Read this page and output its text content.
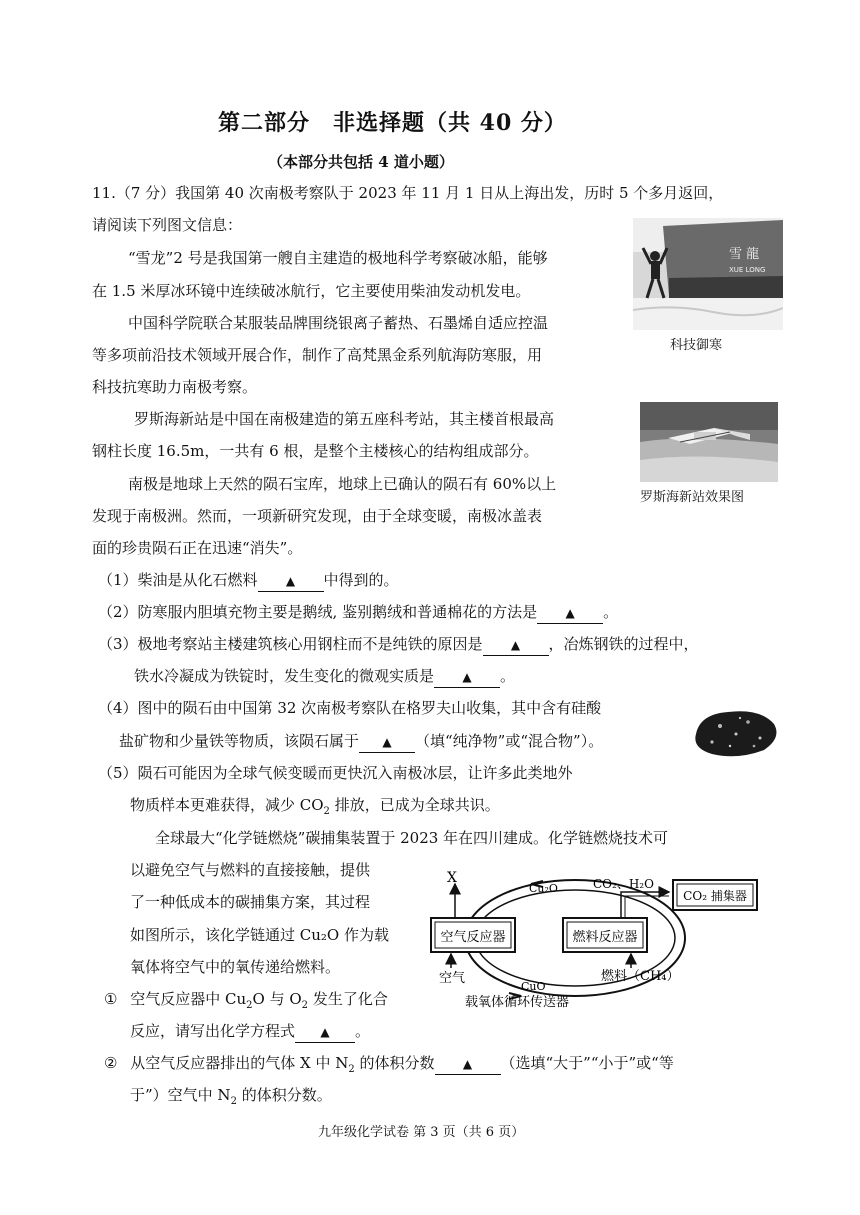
第二部分　非选择题（共 40 分）
（本部分共包括 4 道小题）
11.（7 分）我国第 40 次南极考察队于 2023 年 11 月 1 日从上海出发，历时 5 个多月返回，
请阅读下列图文信息：
“雪龙”2 号是我国第一艘自主建造的极地科学考察破冰船，能够
在 1.5 米厚冰环镜中连续破冰航行，它主要使用柴油发动机发电。
中国科学院联合某服装品牌围绕银离子蓄热、石墨烯自适应控温
等多项前沿技术领域开展合作，制作了高梵黑金系列航海防寒服，用
科技抗寒助力南极考察。
罗斯海新站是中国在南极建造的第五座科考站，其主楼首根最高
钢柱长度 16.5m，一共有 6 根，是整个主楼核心的结构组成部分。
南极是地球上天然的陨石宝库，地球上已确认的陨石有 60%以上
发现于南极洲。然而，一项新研究发现，由于全球变暖，南极冰盖表
面的珍贵陨石正在迅速“消失”。
雪 龍
XUE LONG
科技御寒
罗斯海新站效果图
（1）柴油是从化石燃料 ▲ 中得到的。
（2）防寒服内胆填充物主要是鹅绒, 鉴别鹅绒和普通棉花的方法是 ▲ 。
（3）极地考察站主楼建筑核心用钢柱而不是纯铁的原因是 ▲ ，冶炼钢铁的过程中，
铁水冷凝成为铁锭时，发生变化的微观实质是 ▲ 。
（4）图中的陨石由中国第 32 次南极考察队在格罗夫山收集，其中含有硅酸
盐矿物和少量铁等物质，该陨石属于 ▲ （填“纯净物”或“混合物”）。
（5）陨石可能因为全球气候变暖而更快沉入南极冰层，让许多此类地外
物质样本更难获得，减少 $CO_2$ 排放，已成为全球共识。
全球最大“化学链燃烧”碳捕集装置于 2023 年在四川建成。化学链燃烧技术可
以避免空气与燃料的直接接触，提供
了一种低成本的碳捕集方案，其过程
如图所示，该化学链通过 Cu₂O 作为载
氧体将空气中的氧传递给燃料。
空气反应器	燃料反应器
X
Cu₂O	CO₂、H₂O
CO₂ 捕集器
空气
CuO
燃料（CH₄）
载氧体循环传送器
① 空气反应器中 $Cu_2O$ 与 $O_2$ 发生了化合
反应，请写出化学方程式 ▲ 。
② 从空气反应器排出的气体 X 中 $N_2$ 的体积分数 ▲ （选填“大于”“小于”或“等
于”）空气中 $N_2$ 的体积分数。
九年级化学试卷 第 3 页（共 6 页）
